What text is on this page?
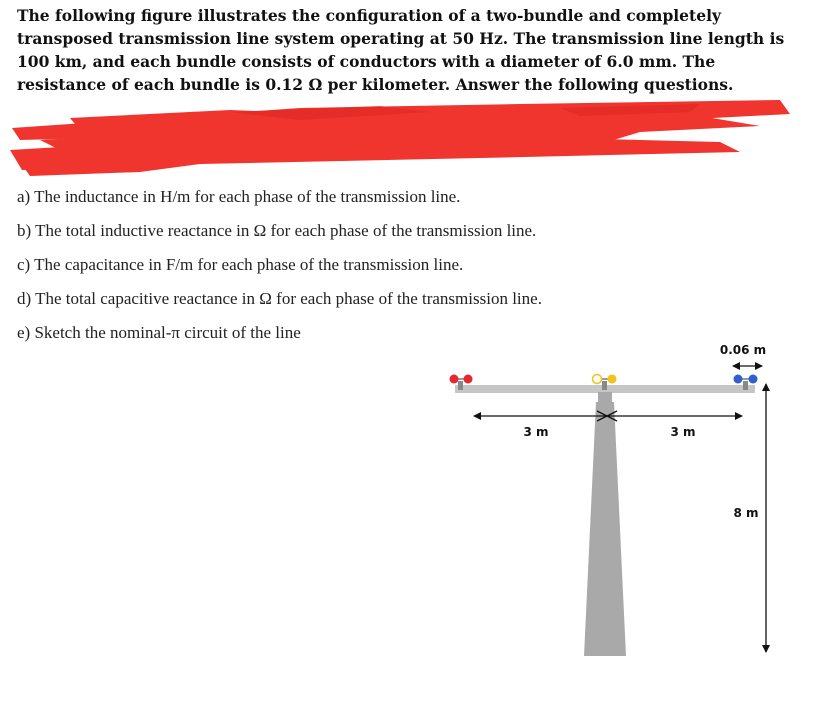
The following figure illustrates the configuration of a two-bundle and completely transposed transmission line system operating at 50 Hz. The transmission line length is 100 km, and each bundle consists of conductors with a diameter of 6.0 mm. The resistance of each bundle is 0.12 Ω per kilometer. Answer the following questions.
a) The inductance in H/m for each phase of the transmission line.
b) The total inductive reactance in Ω for each phase of the transmission line.
c) The capacitance in F/m for each phase of the transmission line.
d) The total capacitive reactance in Ω for each phase of the transmission line.
e) Sketch the nominal-π circuit of the line
0.06 m
3 m	3 m
8 m
